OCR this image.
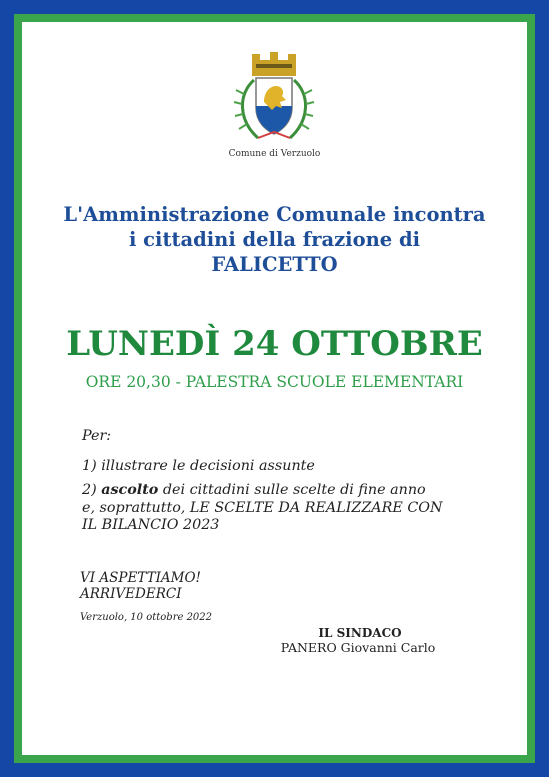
Comune di Verzuolo
L'Amministrazione Comunale incontra
i cittadini della frazione di
FALICETTO
LUNEDÌ 24 OTTOBRE
ORE 20,30 - PALESTRA SCUOLE ELEMENTARI
Per:
1) illustrare le decisioni assunte
2) ascolto dei cittadini sulle scelte di fine anno
e, soprattutto, LE SCELTE DA REALIZZARE CON
IL BILANCIO 2023
VI ASPETTIAMO!
ARRIVEDERCI
Verzuolo, 10 ottobre 2022
IL SINDACO
PANERO Giovanni Carlo
